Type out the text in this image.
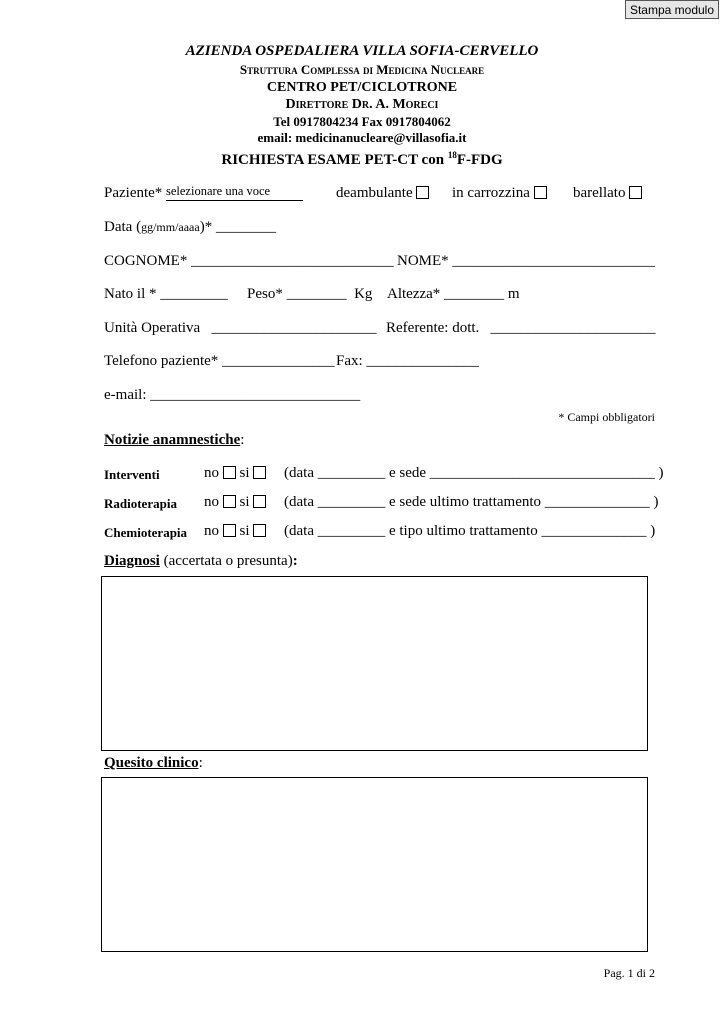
Stampa modulo
AZIENDA OSPEDALIERA VILLA SOFIA-CERVELLO
Struttura Complessa di Medicina Nucleare
CENTRO PET/CICLOTRONE
Direttore Dr. A. Moreci
Tel 0917804234 Fax 0917804062
email: medicinanucleare@villasofia.it
RICHIESTA ESAME PET-CT con $^{18}$F-FDG
Paziente* selezionare una voce	deambulante	in carrozzina	barellato
Data (gg/mm/aaaa)* ________
COGNOME* ___________________________ NOME* ___________________________
Nato il * _________ Peso* ________ Kg Altezza* ________ m
Unità Operativa ______________________ Referente: dott. ______________________
Telefono paziente* _______________ Fax: _______________
e-mail: ____________________________
* Campi obbligatori
Notizie anamnestiche:
Interventi	no si	(data _________ e sede ______________________________ )
Radioterapia no si	(data _________ e sede ultimo trattamento ______________ )
Chemioterapia no si	(data _________ e tipo ultimo trattamento ______________ )
Diagnosi (accertata o presunta):
Quesito clinico:
Pag. 1 di 2
